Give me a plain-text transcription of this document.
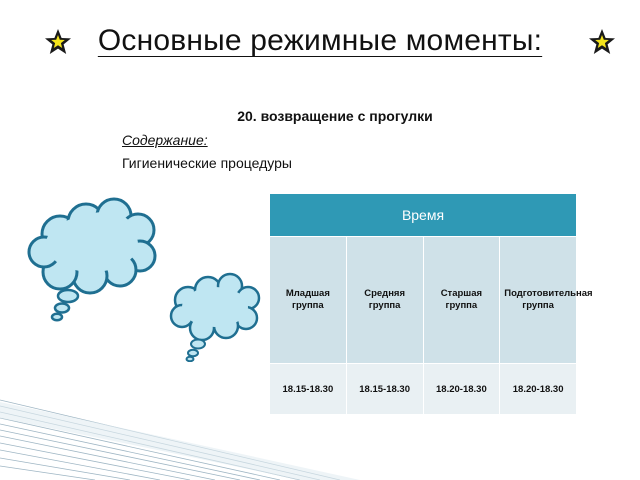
Основные режимные моменты:
20. возвращение с прогулки
Содержание:
Гигиенические процедуры
Время			
Младшая группа	Средняя группа	Старшая группа	Подготовительная группа
18.15-18.30	18.15-18.30	18.20-18.30	18.20-18.30
